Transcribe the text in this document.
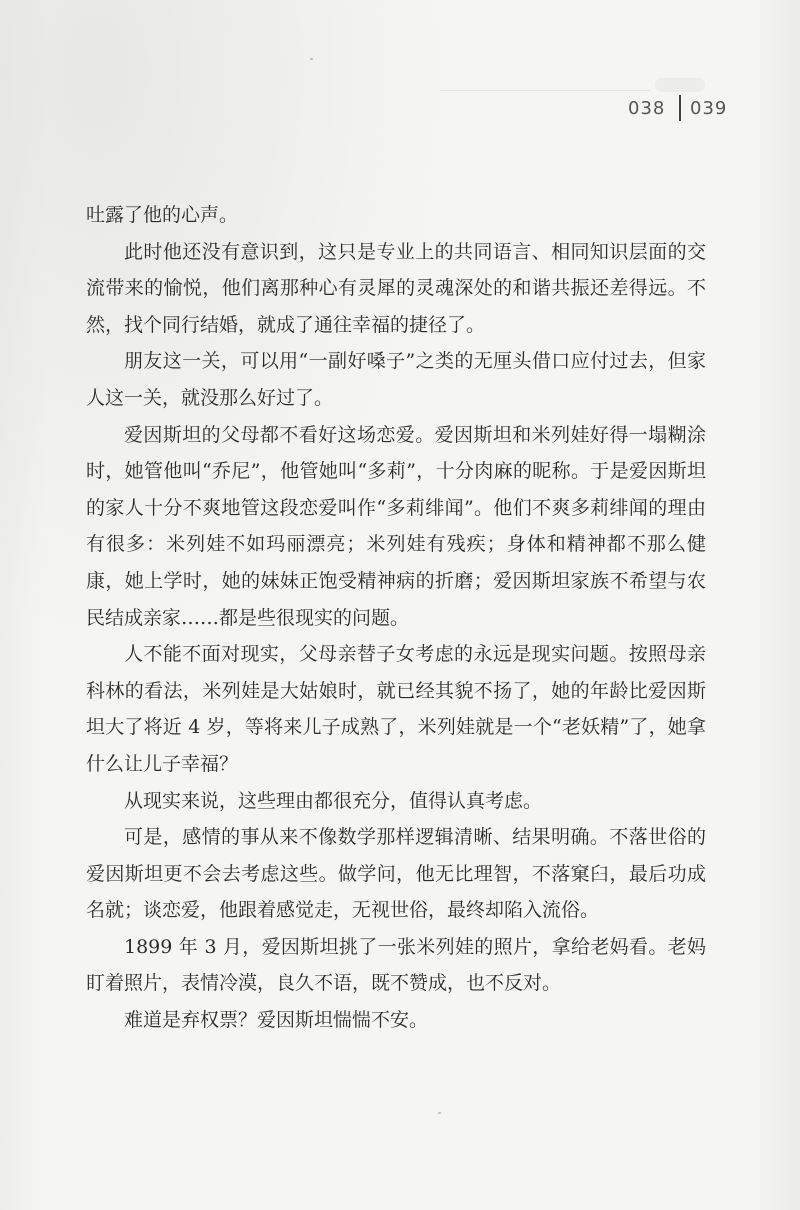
038 039

吐露了他的心声。

此时他还没有意识到，这只是专业上的共同语言、相同知识层面的交流带来的愉悦，他们离那种心有灵犀的灵魂深处的和谐共振还差得远。不然，找个同行结婚，就成了通往幸福的捷径了。

朋友这一关，可以用“一副好嗓子”之类的无厘头借口应付过去，但家人这一关，就没那么好过了。

爱因斯坦的父母都不看好这场恋爱。爱因斯坦和米列娃好得一塌糊涂时，她管他叫“乔尼”，他管她叫“多莉”，十分肉麻的昵称。于是爱因斯坦的家人十分不爽地管这段恋爱叫作“多莉绯闻”。他们不爽多莉绯闻的理由有很多：米列娃不如玛丽漂亮；米列娃有残疾；身体和精神都不那么健康，她上学时，她的妹妹正饱受精神病的折磨；爱因斯坦家族不希望与农民结成亲家……都是些很现实的问题。

人不能不面对现实，父母亲替子女考虑的永远是现实问题。按照母亲科林的看法，米列娃是大姑娘时，就已经其貌不扬了，她的年龄比爱因斯坦大了将近 4 岁，等将来儿子成熟了，米列娃就是一个“老妖精”了，她拿什么让儿子幸福？

从现实来说，这些理由都很充分，值得认真考虑。

可是，感情的事从来不像数学那样逻辑清晰、结果明确。不落世俗的爱因斯坦更不会去考虑这些。做学问，他无比理智，不落窠臼，最后功成名就；谈恋爱，他跟着感觉走，无视世俗，最终却陷入流俗。

1899 年 3 月，爱因斯坦挑了一张米列娃的照片，拿给老妈看。老妈盯着照片，表情冷漠，良久不语，既不赞成，也不反对。

难道是弃权票？爱因斯坦惴惴不安。
